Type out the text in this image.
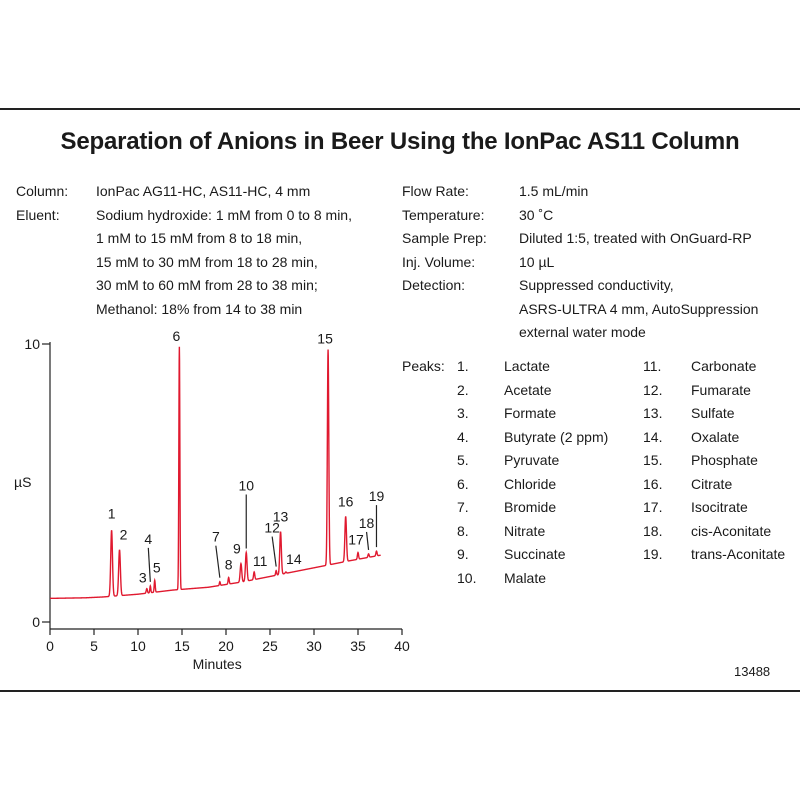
Separation of Anions in Beer Using the IonPac AS11 Column
Column:	IonPac AG11-HC, AS11-HC, 4 mm
Eluent:	Sodium hydroxide: 1 mM from 0 to 8 min,
1 mM to 15 mM from 8 to 18 min,
15 mM to 30 mM from 18 to 28 min,
30 mM to 60 mM from 28 to 38 min;
Methanol: 18% from 14 to 38 min
Flow Rate:	1.5 mL/min
Temperature:	30 ˚C
Sample Prep:	Diluted 1:5, treated with OnGuard-RP
Inj. Volume:	10 µL
Detection:	Suppressed conductivity,
ASRS-ULTRA 4 mm, AutoSuppression
external water mode
Peaks: 1.	Lactate
2.	Acetate
3.	Formate
4.	Butyrate (2 ppm)
5.	Pyruvate
6.	Chloride
7.	Bromide
8.	Nitrate
9.	Succinate
10.	Malate
11.	Carbonate
12.	Fumarate
13.	Sulfate
14.	Oxalate
15.	Phosphate
16.	Citrate
17.	Isocitrate
18.	cis-Aconitate
19.	trans-Aconitate
0
10
µS
0	5 10 15 20 25 30 35 40
Minutes
1
2
3
4
5
6
7
8
9
10
11
12
13
14
15
16
17
18
19
13488
